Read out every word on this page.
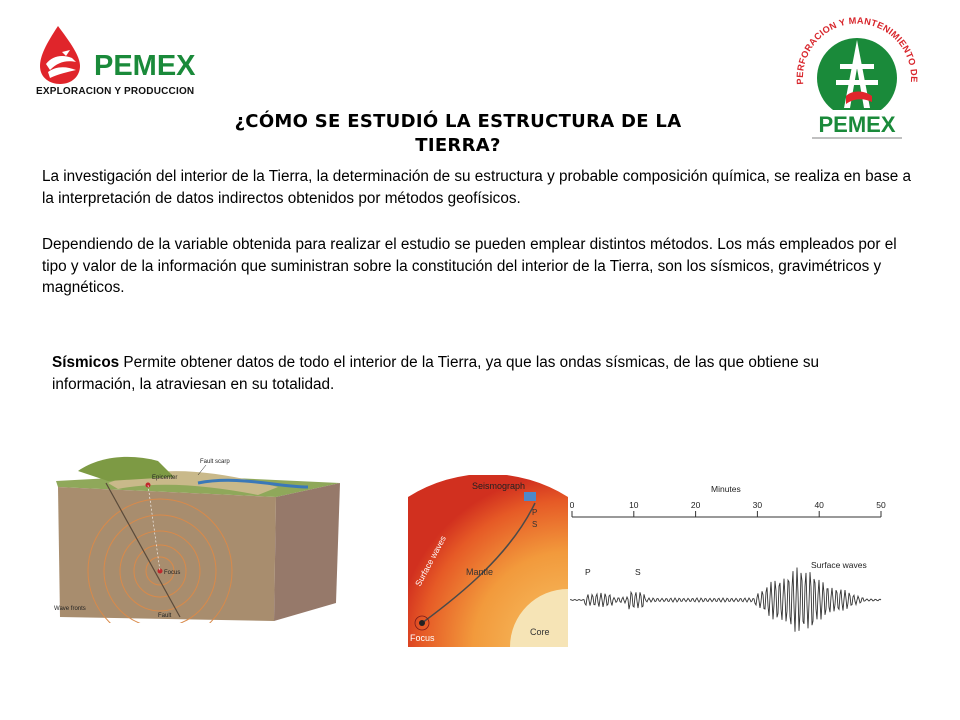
PEMEX
EXPLORACION Y PRODUCCION
PERFORACION Y MANTENIMIENTO DE
PEMEX
¿CÓMO SE ESTUDIÓ LA ESTRUCTURA DE LA
TIERRA?
La investigación del interior de la Tierra, la determinación de su estructura y probable composición química, se realiza en base a la interpretación de datos indirectos obtenidos por métodos geofísicos.
Dependiendo de la variable obtenida para realizar el estudio se pueden emplear distintos métodos. Los más empleados por el tipo y valor de la información que suministran sobre la constitución del interior de la Tierra, son los sísmicos, gravimétricos y magnéticos.
Sísmicos Permite obtener datos de todo el interior de la Tierra, ya que las ondas sísmicas, de las que obtiene su información, la atraviesan en su totalidad.
Fault scarp
Epicenter
Focus
Wave fronts
Fault
Seismograph
Surface waves Mantle
P
S
Focus
Core
Minutes
0	10	20	30	40	50
P	S
Surface waves
